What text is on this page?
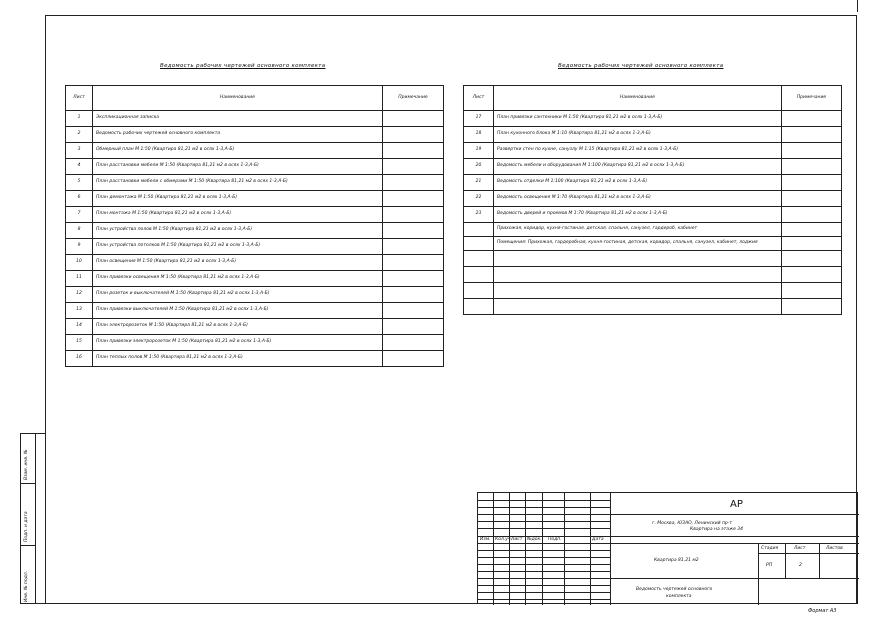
Взам. инв. №
Подп. и дата
Инв. № подл.
Ведомость рабочих чертежей основного комплекта
Лист	Наименование	Примечание
1	Экспликационная записка	
2	Ведомость рабочих чертежей основного комплекта	
3	Обмерный план М 1:50 (Квартира 81,21 м2 в осях 1-3,А-Б)	
4	План расстановки мебели М 1:50 (Квартира 81,21 м2 в осях 1-3,А-Б)	
5	План расстановки мебели с обмерами М 1:50 (Квартира 81,21 м2 в осях 1-3,А-Б)	
6	План демонтажа М 1:50 (Квартира 81,21 м2 в осях 1-3,А-Б)	
7	План монтажа М 1:50 (Квартира 81,21 м2 в осях 1-3,А-Б)	
8	План устройства полов М 1:50 (Квартира 81,21 м2 в осях 1-3,А-Б)	
9	План устройства потолков М 1:50 (Квартира 81,21 м2 в осях 1-3,А-Б)	
10	План освещения М 1:50 (Квартира 81,21 м2 в осях 1-3,А-Б)	
11	План привязки освещения М 1:50 (Квартира 81,21 м2 в осях 1-3,А-Б)	
12	План розеток и выключателей М 1:50 (Квартира 81,21 м2 в осях 1-3,А-Б)	
13	План привязки выключателей М 1:50 (Квартира 81,21 м2 в осях 1-3,А-Б)	
14	План электророзеток М 1:50 (Квартира 81,21 м2 в осях 1-3,А-Б)	
15	План привязки электророзеток М 1:50 (Квартира 81,21 м2 в осях 1-3,А-Б)	
16	План теплых полов М 1:50 (Квартира 81,21 м2 в осях 1-3,А-Б)	
Ведомость рабочих чертежей основного комплекта
Лист	Наименование	Примечание
17	План привязки сантехники М 1:50 (Квартира 81,21 м2 в осях 1-3,А-Б)	
18	План кухонного блока М 1:10 (Квартира 81,21 м2 в осях 1-3,А-Б)	
19	Развертки стен по кухне, санузлу М 1:15 (Квартира 81,21 м2 в осях 1-3,А-Б)	
20	Ведомость мебели и оборудования М 1:100 (Квартира 81,21 м2 в осях 1-3,А-Б)	
21	Ведомость отделки М 1:100 (Квартира 81,21 м2 в осях 1-3,А-Б)	
22	Ведомость освещения М 1:70 (Квартира 81,21 м2 в осях 1-3,А-Б)	
23	Ведомость дверей и проемов М 1:70 (Квартира 81,21 м2 в осях 1-3,А-Б)	
	Прихожая, коридор, кухня-гостиная, детская, спальня, санузел, гардероб, кабинет	
	Помещения: Прихожая, гардеробная, кухня-гостиная, детская, коридор, спальня, санузел, кабинет, лоджия	

АР
г. Москва, ЮЗАО, Ленинский пр-т
Квартира на этаже 34
Изм. Кол.уч.
Лист №док. Подп.	Дата
Квартира 81,21 м2
Стадия	Лист	Листов
РП	2
Ведомость чертежей основного
комплекта
Формат А3
